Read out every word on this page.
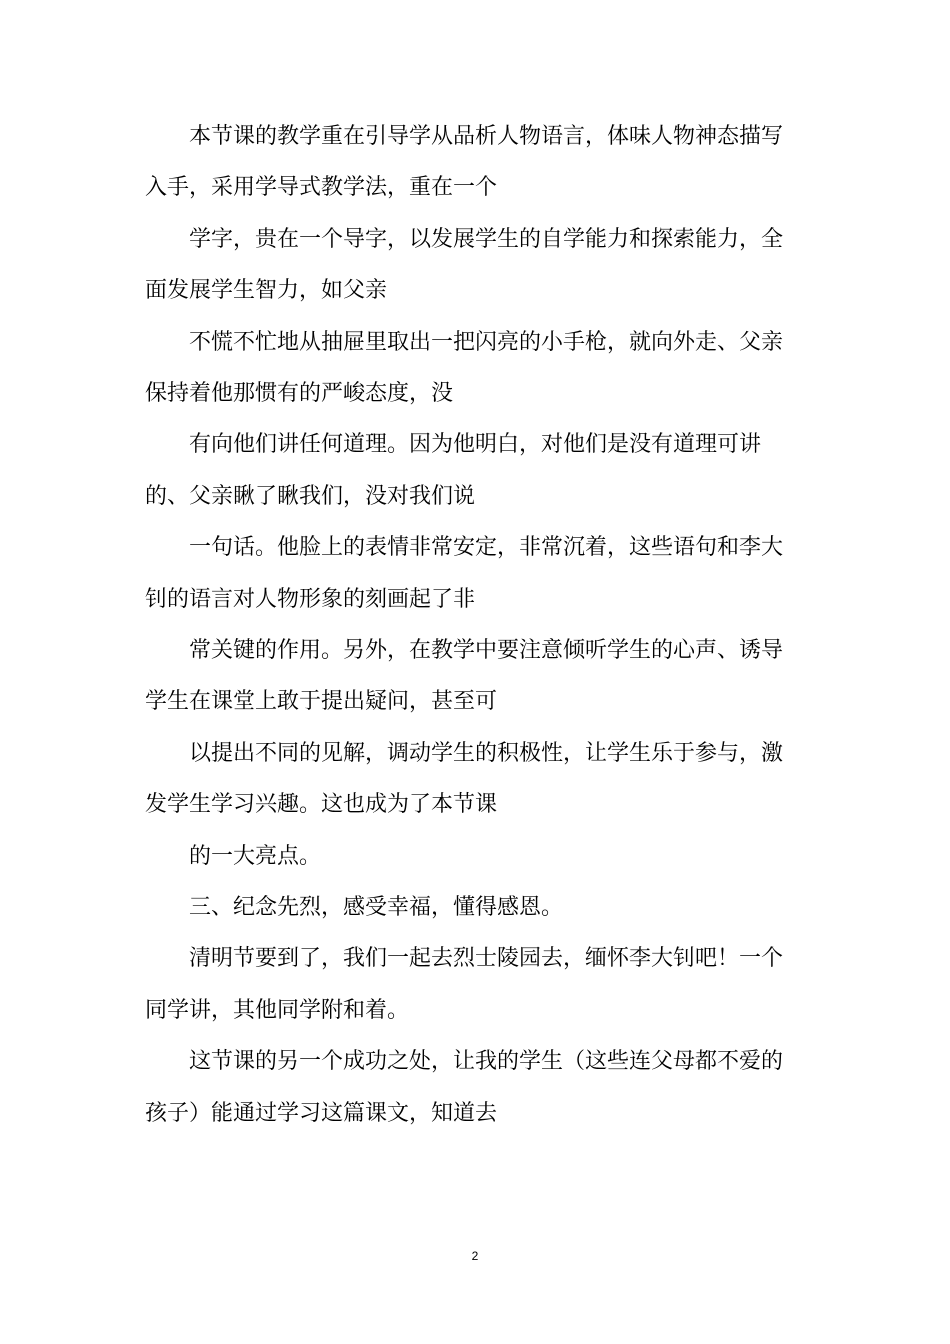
本节课的教学重在引导学从品析人物语言，体味人物神态描写

入手，采用学导式教学法，重在一个

学字，贵在一个导字，以发展学生的自学能力和探索能力，全

面发展学生智力，如父亲

不慌不忙地从抽屉里取出一把闪亮的小手枪，就向外走、父亲

保持着他那惯有的严峻态度，没

有向他们讲任何道理。因为他明白，对他们是没有道理可讲

的、父亲瞅了瞅我们，没对我们说

一句话。他脸上的表情非常安定，非常沉着，这些语句和李大

钊的语言对人物形象的刻画起了非

常关键的作用。另外，在教学中要注意倾听学生的心声、诱导

学生在课堂上敢于提出疑问，甚至可

以提出不同的见解，调动学生的积极性，让学生乐于参与，激

发学生学习兴趣。这也成为了本节课

的一大亮点。

三、纪念先烈，感受幸福，懂得感恩。

清明节要到了，我们一起去烈士陵园去，缅怀李大钊吧！一个

同学讲，其他同学附和着。

这节课的另一个成功之处，让我的学生（这些连父母都不爱的

孩子）能通过学习这篇课文，知道去

2
